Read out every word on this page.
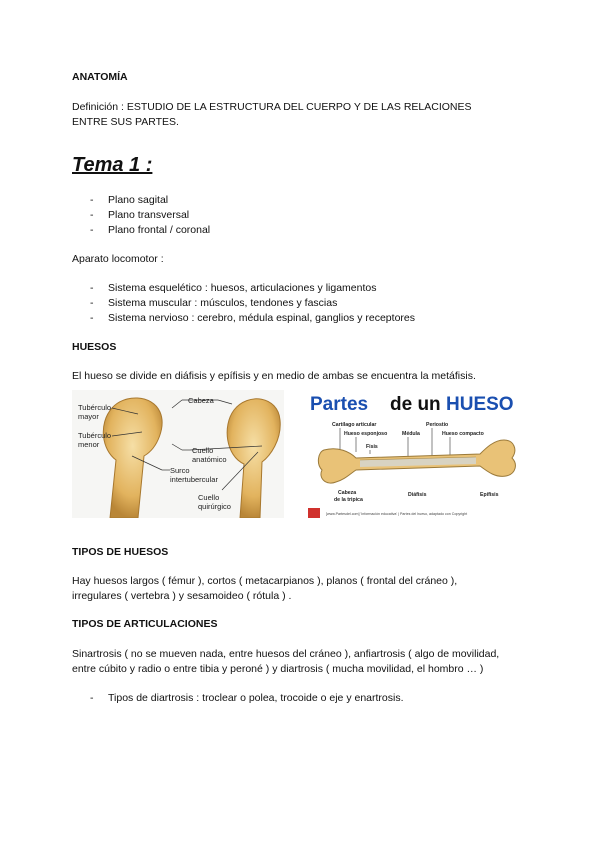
ANATOMÍA
Definición : ESTUDIO DE LA ESTRUCTURA DEL CUERPO Y DE LAS RELACIONES
ENTRE SUS PARTES.
Tema 1 :
- Plano sagital
- Plano transversal
- Plano frontal / coronal
Aparato locomotor :
- Sistema esquelético : huesos, articulaciones y ligamentos
- Sistema muscular : músculos, tendones y fascias
- Sistema nervioso : cerebro, médula espinal, ganglios y receptores
HUESOS
El hueso se divide en diáfisis y epífisis y en medio de ambas se encuentra la metáfisis.
Tubérculo
mayor
Tubérculo
menor
Cabeza
Cuello
anatómico
Surco
intertubercular
Cuello
quirúrgico
Partes de un HUESO
Cartílago articular
Hueso esponjoso	Médula
Periostio
Hueso compacto
Fisis
Cabeza
de la tripica
Diáfisis	Epífisis
[www.Partesdel.com] 'Información educativa' | Partes del hueso, adaptado con Copyright
TIPOS DE HUESOS
Hay huesos largos ( fémur ), cortos ( metacarpianos ), planos ( frontal del cráneo ),
irregulares ( vertebra ) y sesamoideo ( rótula ) .
TIPOS DE ARTICULACIONES
Sinartrosis ( no se mueven nada, entre huesos del cráneo ), anfiartrosis ( algo de movilidad,
entre cúbito y radio o entre tibia y peroné ) y diartrosis ( mucha movilidad, el hombro … )
- Tipos de diartrosis : troclear o polea, trocoide o eje y enartrosis.
